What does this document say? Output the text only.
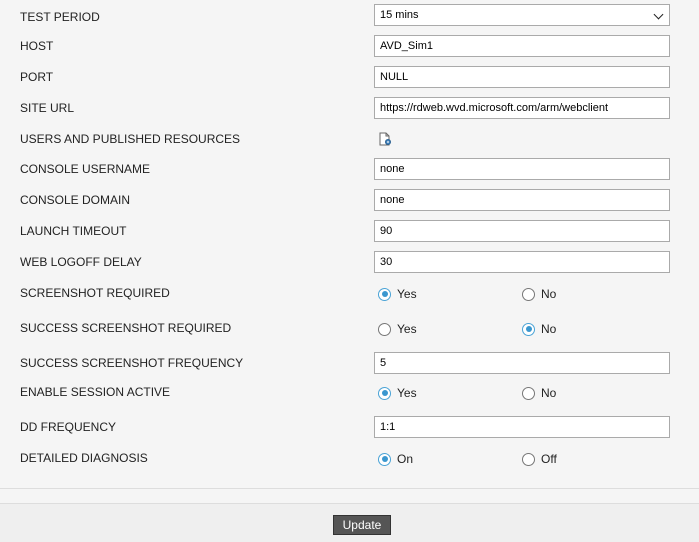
TEST PERIOD	15 mins
HOST	AVD_Sim1
PORT	NULL
SITE URL	https://rdweb.wvd.microsoft.com/arm/webclient
USERS AND PUBLISHED RESOURCES
CONSOLE USERNAME	none
CONSOLE DOMAIN	none
LAUNCH TIMEOUT	90
WEB LOGOFF DELAY	30
SCREENSHOT REQUIRED	Yes	No
SUCCESS SCREENSHOT REQUIRED	Yes	No
SUCCESS SCREENSHOT FREQUENCY	5
ENABLE SESSION ACTIVE	Yes	No
DD FREQUENCY	1:1
DETAILED DIAGNOSIS	On	Off
Update
